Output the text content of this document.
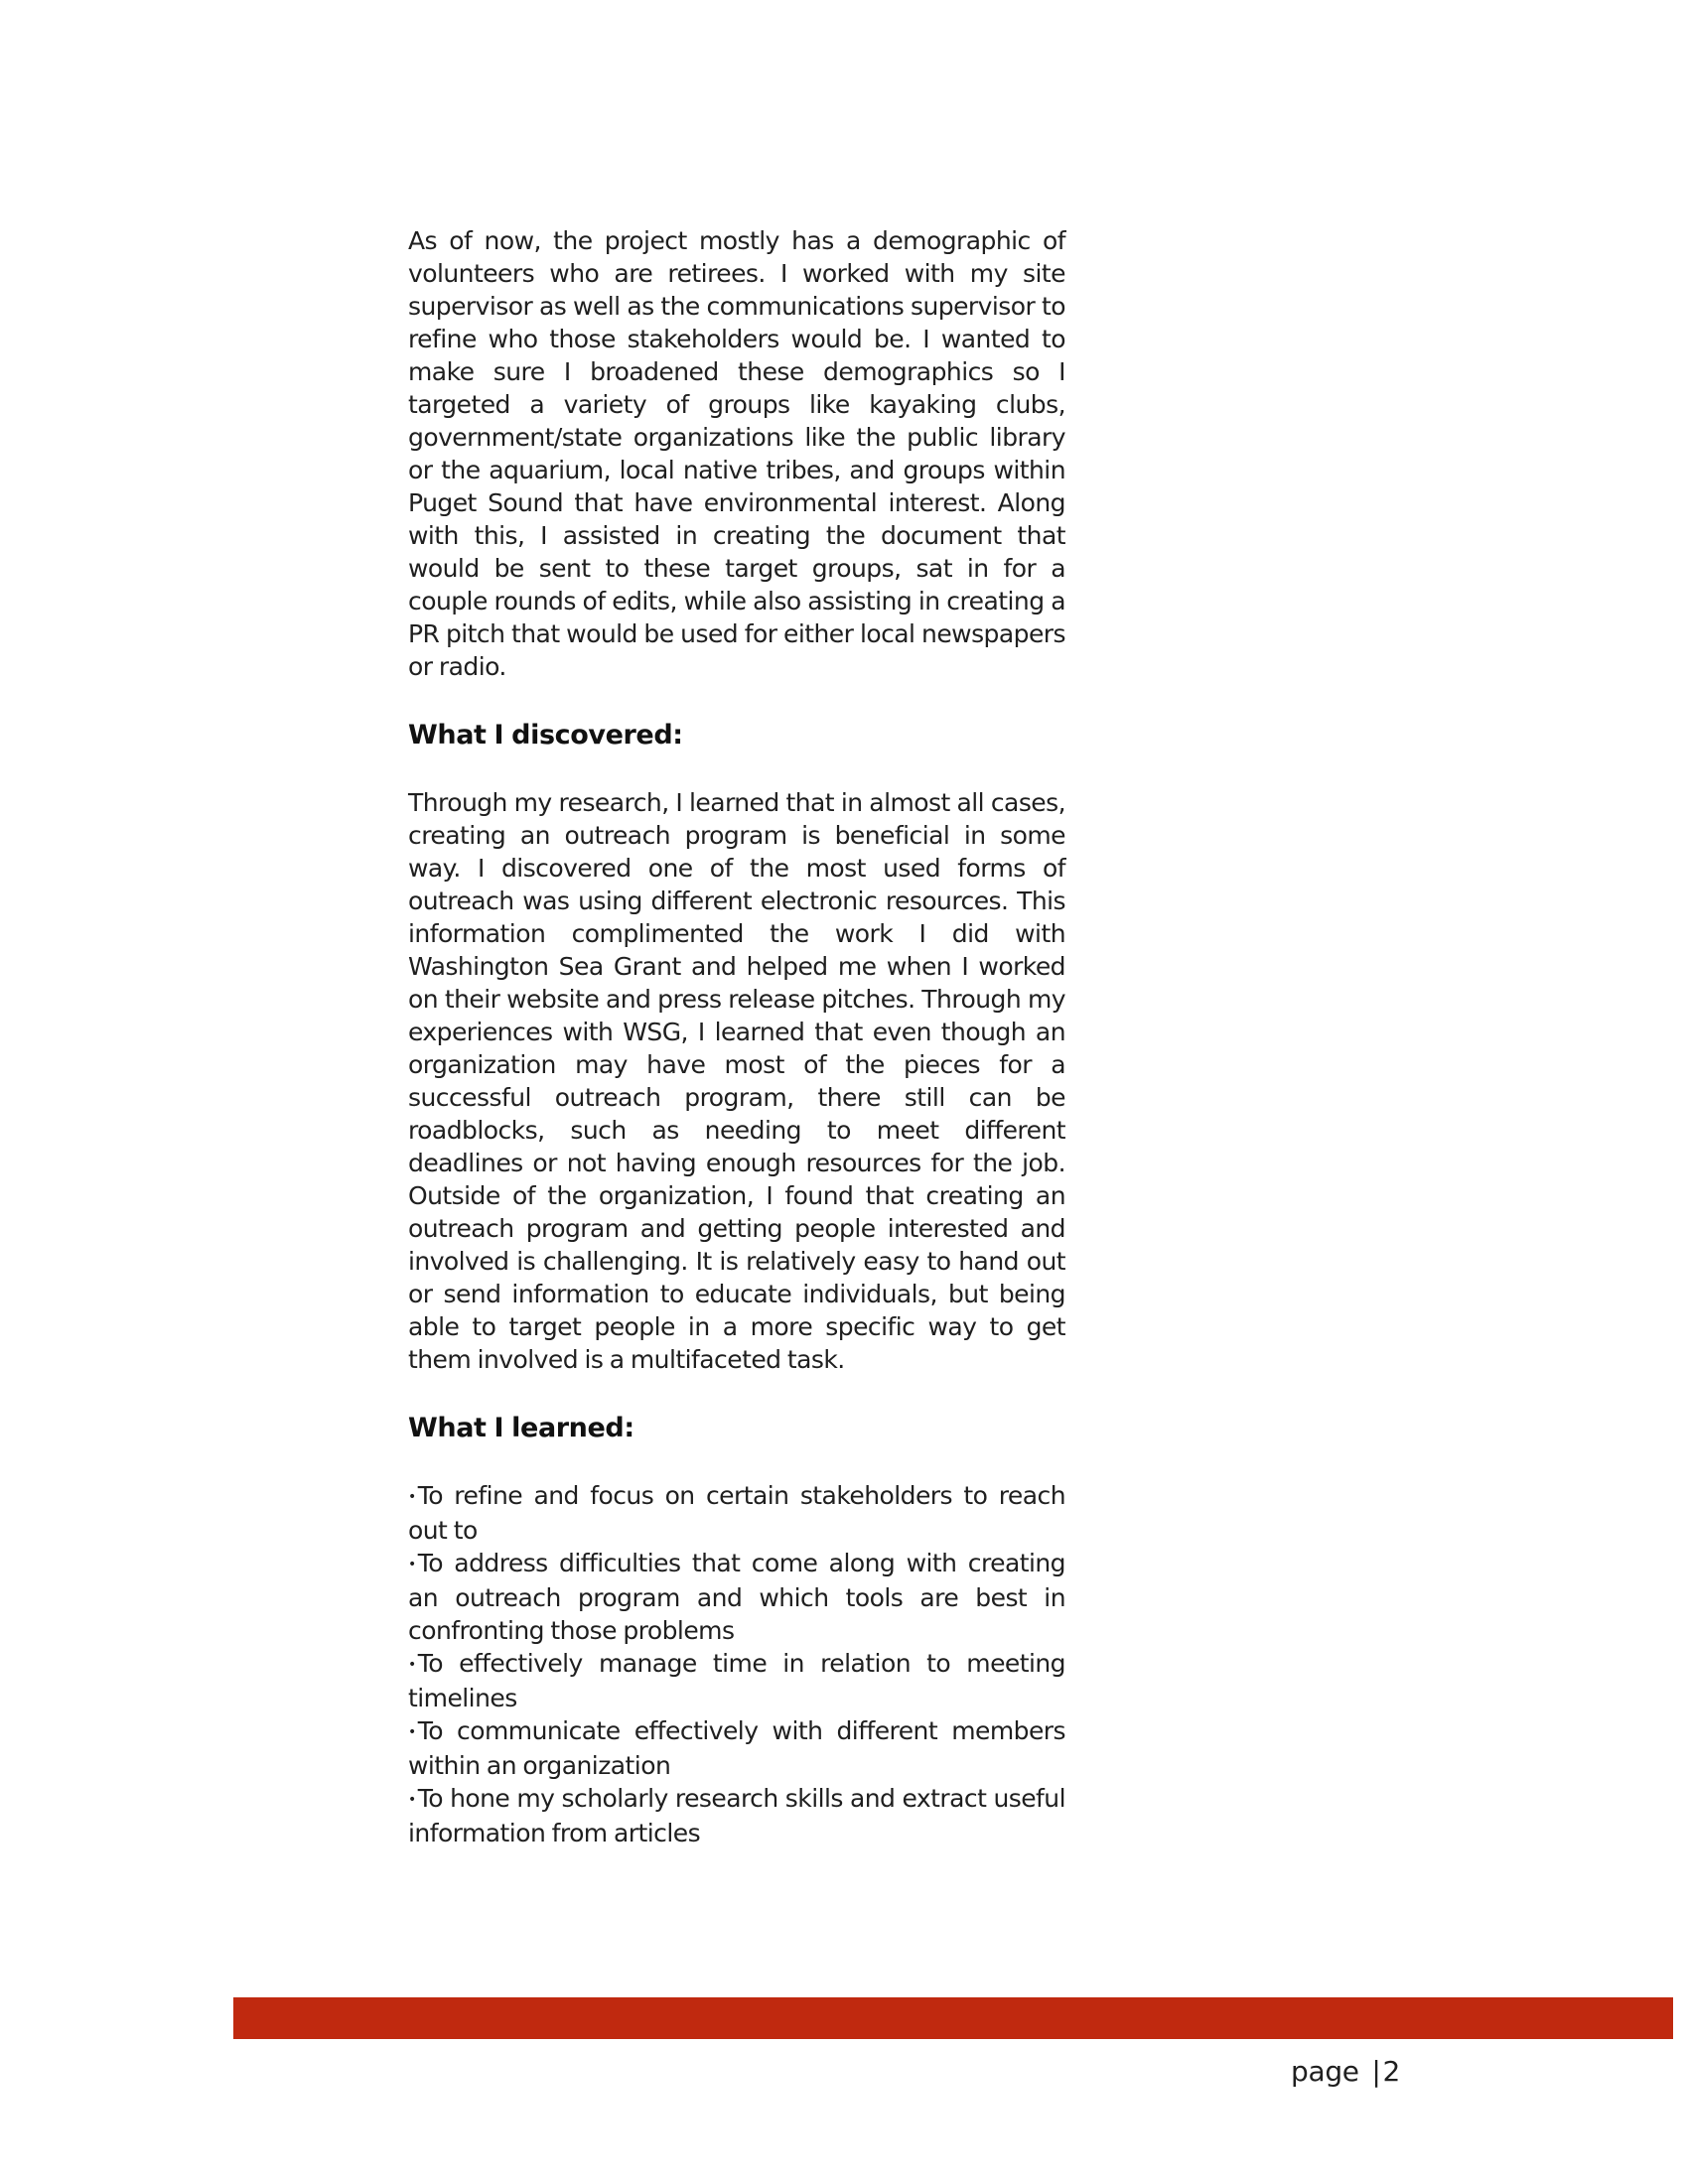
As of now, the project mostly has a demographic of volunteers who are retirees. I worked with my site supervisor as well as the communications supervisor to refine who those stakeholders would be. I wanted to make sure I broadened these demographics so I targeted a variety of groups like kayaking clubs, government/state organizations like the public library or the aquarium, local native tribes, and groups within Puget Sound that have environmental interest. Along with this, I assisted in creating the document that would be sent to these target groups, sat in for a couple rounds of edits, while also assisting in creating a PR pitch that would be used for either local newspapers or radio.

What I discovered:

Through my research, I learned that in almost all cases, creating an outreach program is beneficial in some way. I discovered one of the most used forms of outreach was using different electronic resources. This information complimented the work I did with Washington Sea Grant and helped me when I worked on their website and press release pitches. Through my experiences with WSG, I learned that even though an organization may have most of the pieces for a successful outreach program, there still can be roadblocks, such as needing to meet different deadlines or not having enough resources for the job. Outside of the organization, I found that creating an outreach program and getting people interested and involved is challenging. It is relatively easy to hand out or send information to educate individuals, but being able to target people in a more specific way to get them involved is a multifaceted task.

What I learned:
•To refine and focus on certain stakeholders to reach out to
•To address difficulties that come along with creating an outreach program and which tools are best in confronting those problems
•To effectively manage time in relation to meeting timelines
•To communicate effectively with different members within an organization
•To hone my scholarly research skills and extract useful information from articles
page |2
